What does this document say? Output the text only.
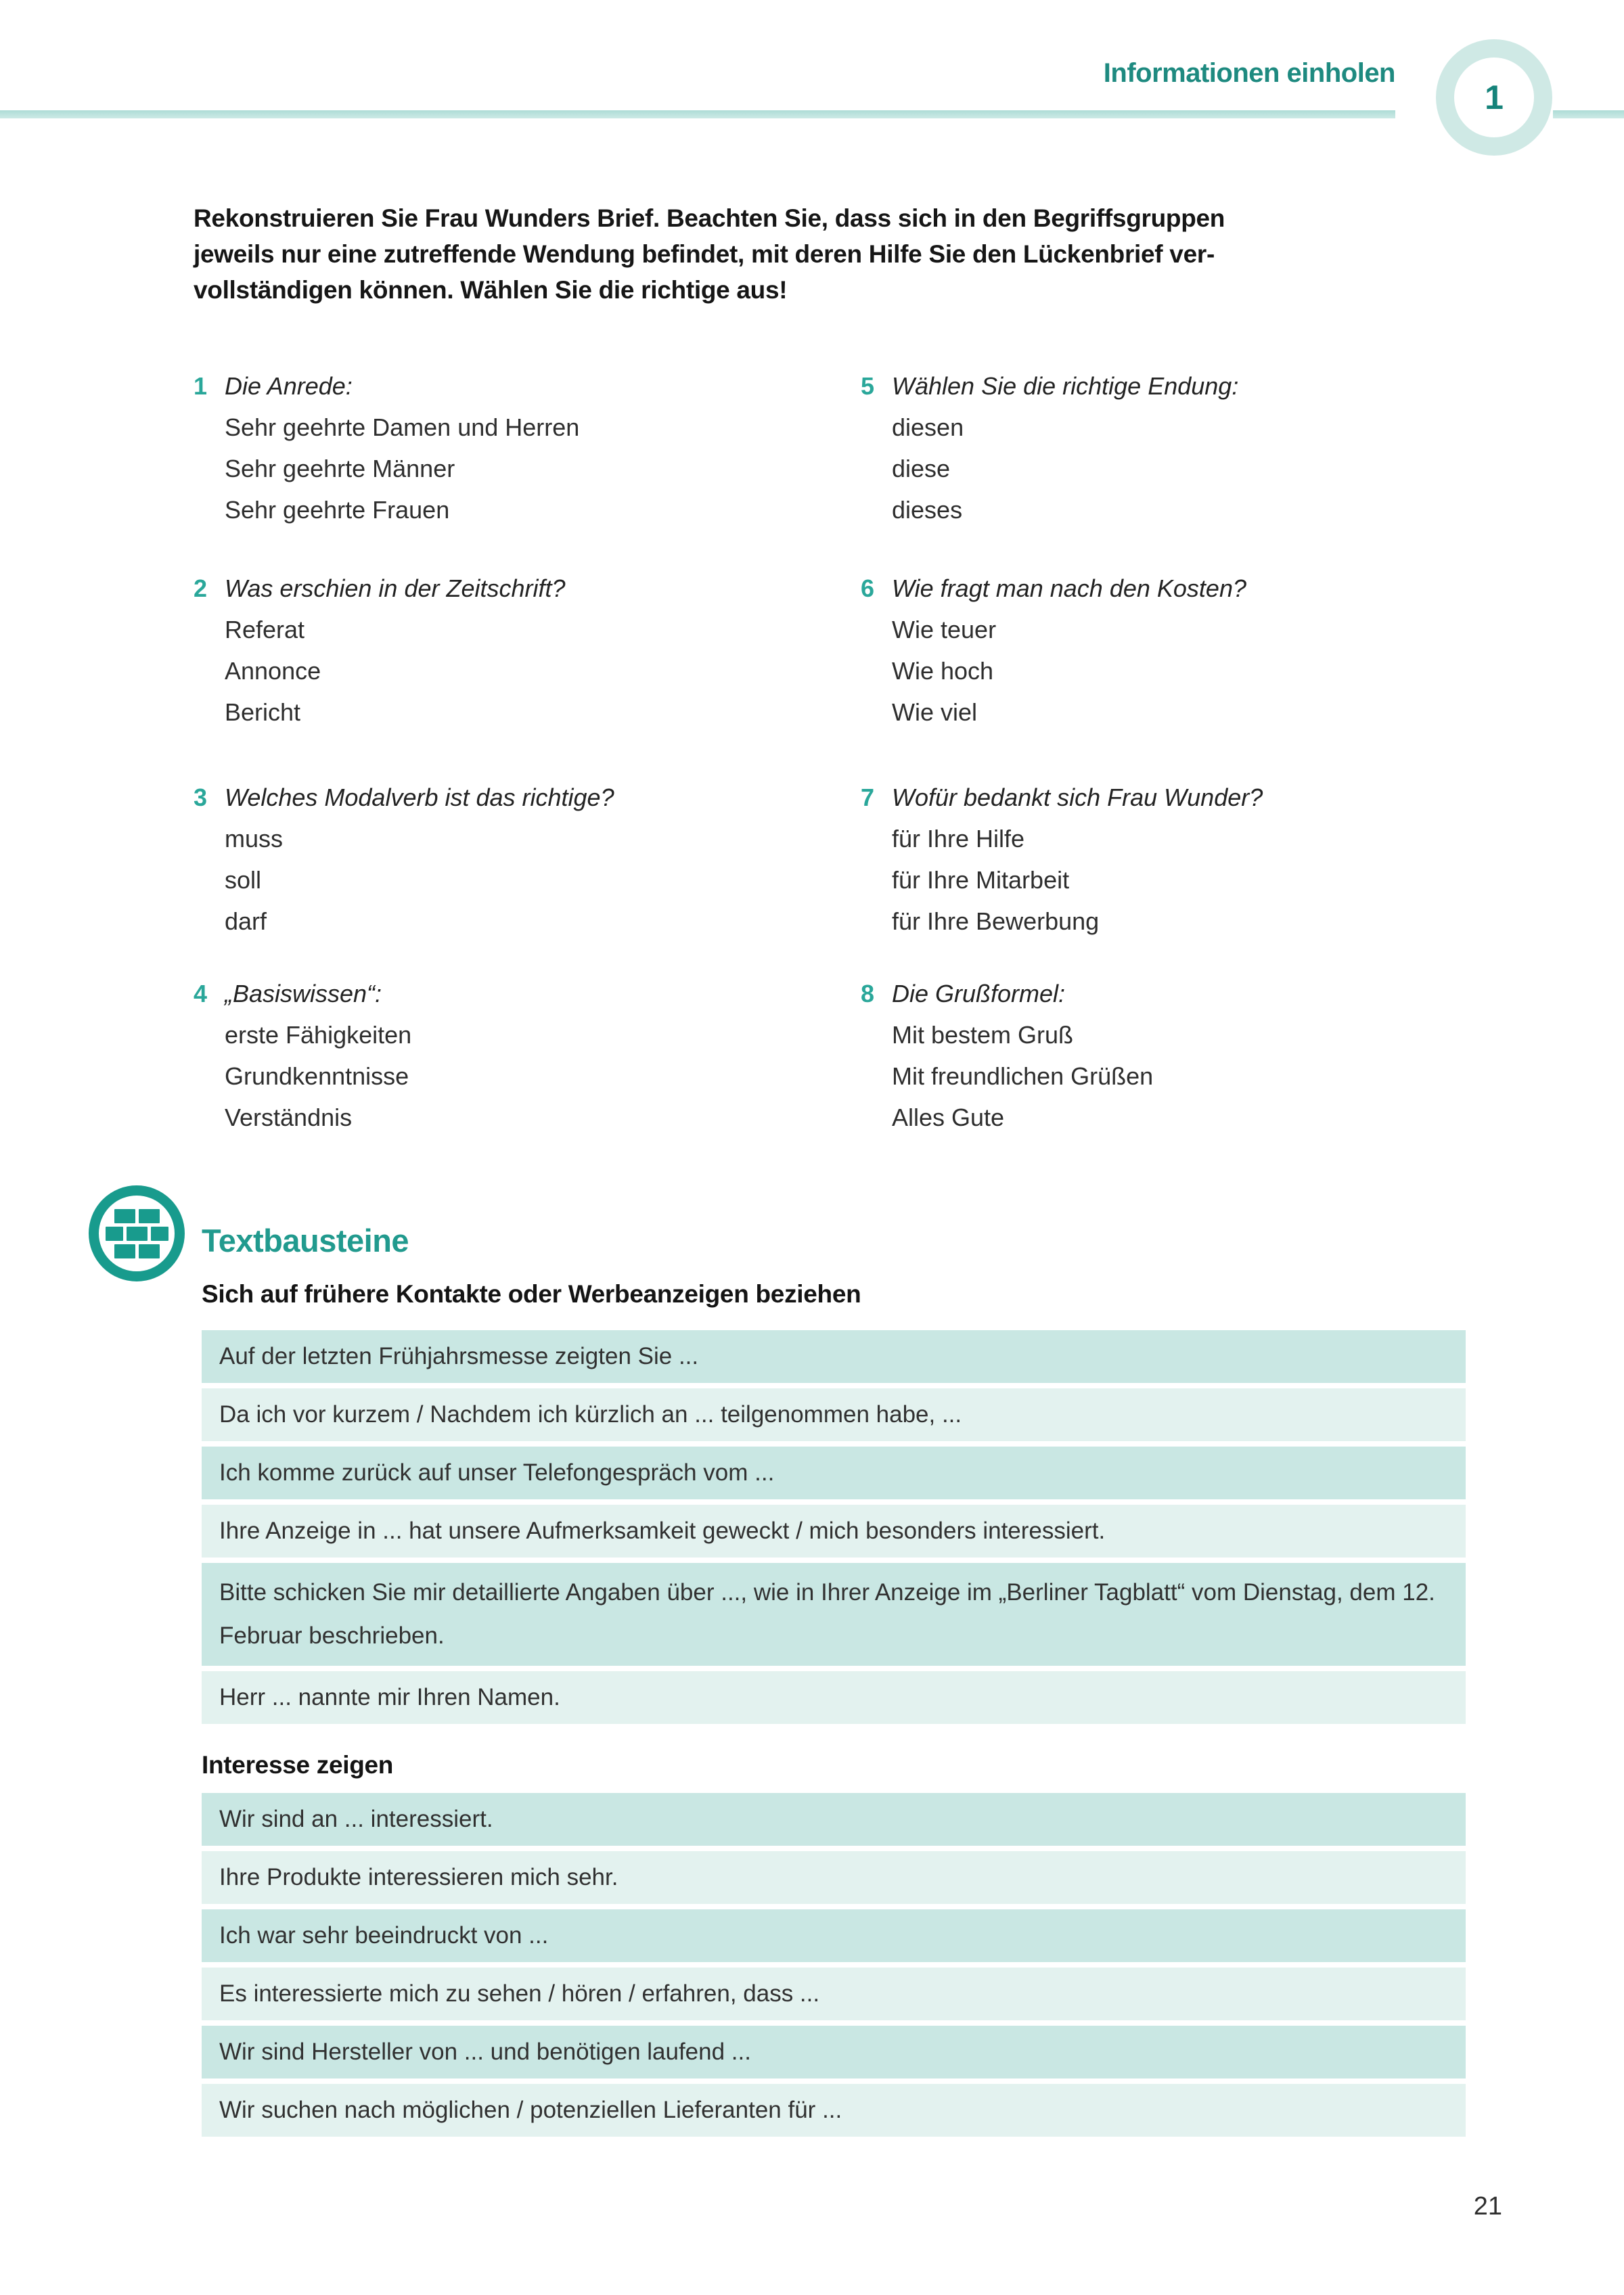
Informationen einholen
1
Rekonstruieren Sie Frau Wunders Brief. Beachten Sie, dass sich in den Begriffsgruppen
jeweils nur eine zutreffende Wendung befindet, mit deren Hilfe Sie den Lückenbrief ver-
vollständigen können. Wählen Sie die richtige aus!
1 Die Anrede:
Sehr geehrte Damen und Herren
Sehr geehrte Männer
Sehr geehrte Frauen
2 Was erschien in der Zeitschrift?
Referat
Annonce
Bericht
3 Welches Modalverb ist das richtige?
muss
soll
darf
4 „Basiswissen“:
erste Fähigkeiten
Grundkenntnisse
Verständnis
5 Wählen Sie die richtige Endung:
diesen
diese
dieses
6 Wie fragt man nach den Kosten?
Wie teuer
Wie hoch
Wie viel
7 Wofür bedankt sich Frau Wunder?
für Ihre Hilfe
für Ihre Mitarbeit
für Ihre Bewerbung
8 Die Grußformel:
Mit bestem Gruß
Mit freundlichen Grüßen
Alles Gute
Textbausteine
Sich auf frühere Kontakte oder Werbeanzeigen beziehen
Auf der letzten Frühjahrsmesse zeigten Sie ...
Da ich vor kurzem / Nachdem ich kürzlich an ... teilgenommen habe, ...
Ich komme zurück auf unser Telefongespräch vom ...
Ihre Anzeige in ... hat unsere Aufmerksamkeit geweckt / mich besonders interessiert.
Bitte schicken Sie mir detaillierte Angaben über ..., wie in Ihrer Anzeige im „Berliner Tagblatt“ vom Dienstag, dem 12. Februar beschrieben.
Herr ... nannte mir Ihren Namen.
Interesse zeigen
Wir sind an ... interessiert.
Ihre Produkte interessieren mich sehr.
Ich war sehr beeindruckt von ...
Es interessierte mich zu sehen / hören / erfahren, dass ...
Wir sind Hersteller von ... und benötigen laufend ...
Wir suchen nach möglichen / potenziellen Lieferanten für ...
21
